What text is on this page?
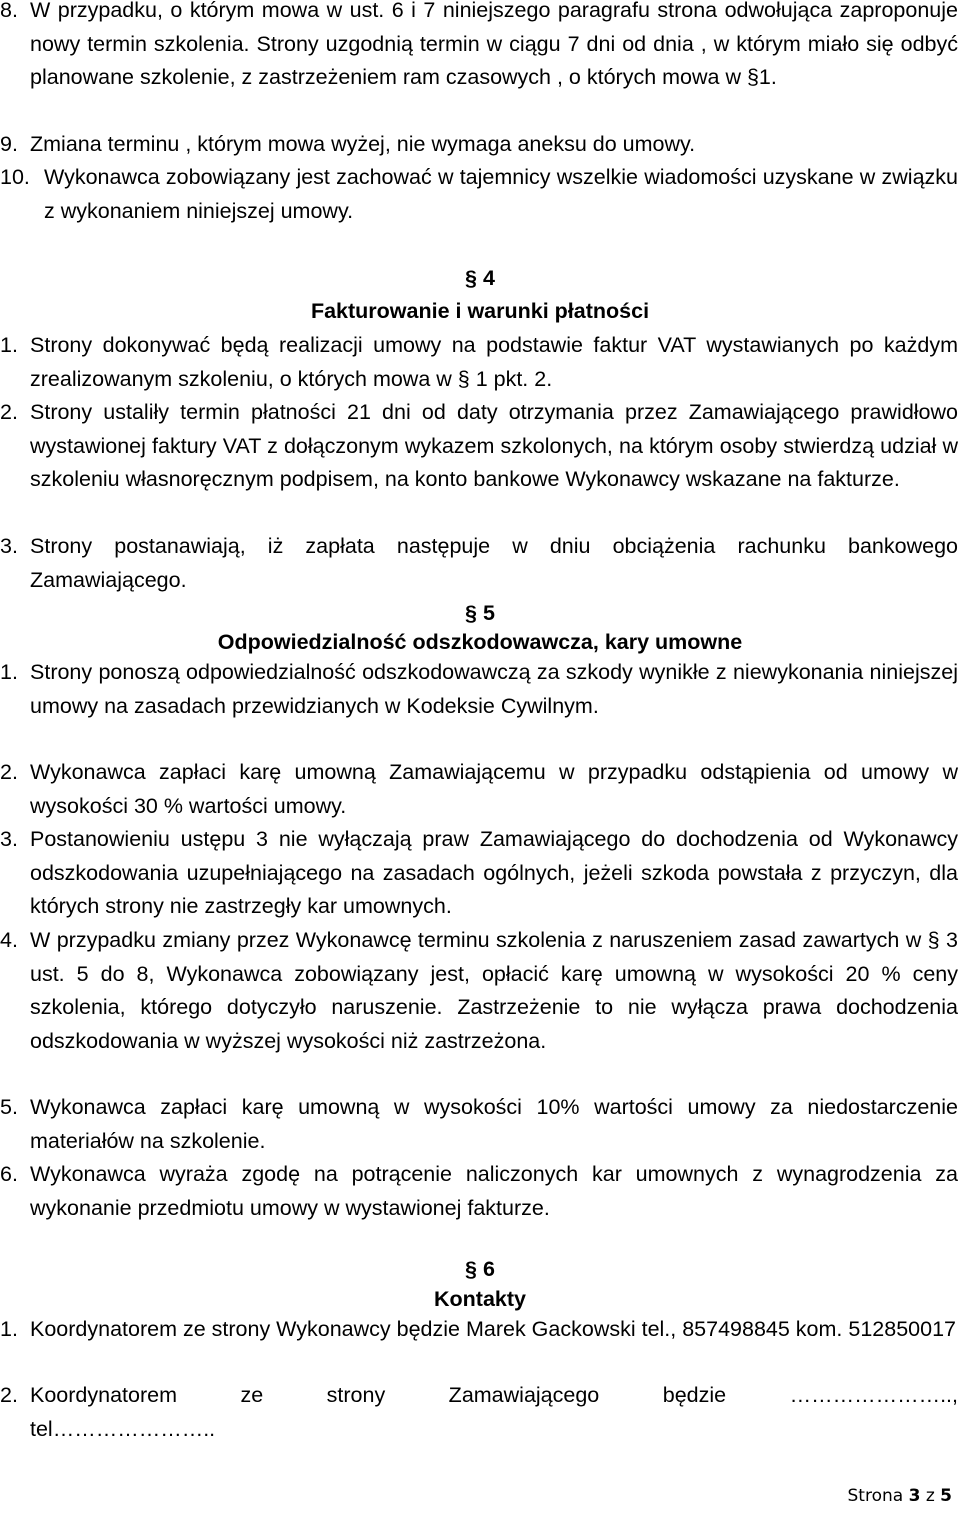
8. W przypadku, o którym mowa w ust. 6 i 7 niniejszego paragrafu strona odwołująca zaproponuje nowy termin szkolenia. Strony uzgodnią termin w ciągu 7 dni od dnia , w którym miało się odbyć planowane szkolenie, z zastrzeżeniem ram czasowych , o których mowa w §1.
9. Zmiana terminu , którym mowa wyżej, nie wymaga aneksu do umowy.
10. Wykonawca zobowiązany jest zachować w tajemnicy wszelkie wiadomości uzyskane w związku z wykonaniem niniejszej umowy.
§ 4
Fakturowanie i warunki płatności
1. Strony dokonywać będą realizacji umowy na podstawie faktur VAT wystawianych po każdym zrealizowanym szkoleniu, o których mowa w § 1 pkt. 2.
2. Strony ustaliły termin płatności 21 dni od daty otrzymania przez Zamawiającego prawidłowo wystawionej faktury VAT z dołączonym wykazem szkolonych, na którym osoby stwierdzą udział w szkoleniu własnoręcznym podpisem, na konto bankowe Wykonawcy wskazane na fakturze.
3. Strony postanawiają, iż zapłata następuje w dniu obciążenia rachunku bankowego Zamawiającego.
§ 5
Odpowiedzialność odszkodowawcza, kary umowne
1. Strony ponoszą odpowiedzialność odszkodowawczą za szkody wynikłe z niewykonania niniejszej umowy na zasadach przewidzianych w Kodeksie Cywilnym.
2. Wykonawca zapłaci karę umowną Zamawiającemu w przypadku odstąpienia od umowy w wysokości 30 % wartości umowy.
3. Postanowieniu ustępu 3 nie wyłączają praw Zamawiającego do dochodzenia od Wykonawcy odszkodowania uzupełniającego na zasadach ogólnych, jeżeli szkoda powstała z przyczyn, dla których strony nie zastrzegły kar umownych.
4. W przypadku zmiany przez Wykonawcę terminu szkolenia z naruszeniem zasad zawartych w § 3 ust. 5 do 8, Wykonawca zobowiązany jest, opłacić karę umowną w wysokości 20 % ceny szkolenia, którego dotyczyło naruszenie. Zastrzeżenie to nie wyłącza prawa dochodzenia odszkodowania w wyższej wysokości niż zastrzeżona.
5. Wykonawca zapłaci karę umowną w wysokości 10% wartości umowy za niedostarczenie materiałów na szkolenie.
6. Wykonawca wyraża zgodę na potrącenie naliczonych kar umownych z wynagrodzenia za wykonanie przedmiotu umowy w wystawionej fakturze.
§ 6
Kontakty
1. Koordynatorem ze strony Wykonawcy będzie Marek Gackowski tel., 857498845 kom. 512850017
2. Koordynatorem ze strony Zamawiającego będzie …………………..,
tel…………………..
Strona 3 z 5
